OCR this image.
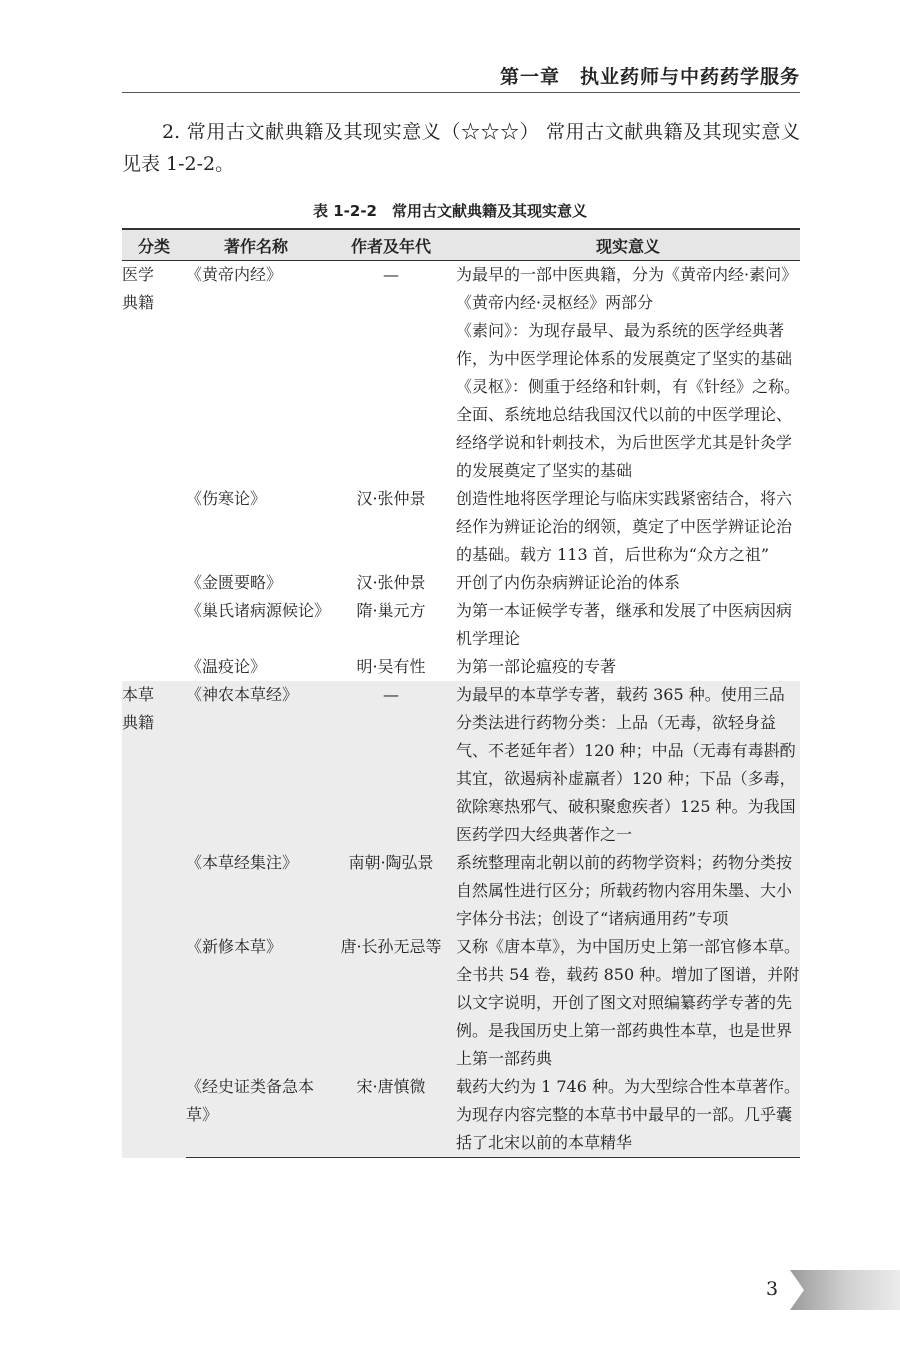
第一章　执业药师与中药药学服务
2. 常用古文献典籍及其现实意义（☆☆☆） 常用古文献典籍及其现实意义见表 1-2-2。
表 1-2-2　常用古文献典籍及其现实意义
分类	著作名称	作者及年代	现实意义
医学
典籍	《黄帝内经》	—	为最早的一部中医典籍，分为《黄帝内经·素问》《黄帝内经·灵枢经》两部分
《素问》：为现存最早、最为系统的医学经典著作，为中医学理论体系的发展奠定了坚实的基础
《灵枢》：侧重于经络和针刺，有《针经》之称。全面、系统地总结我国汉代以前的中医学理论、经络学说和针刺技术，为后世医学尤其是针灸学的发展奠定了坚实的基础

	《伤寒论》	汉·张仲景	创造性地将医学理论与临床实践紧密结合，将六经作为辨证论治的纲领，奠定了中医学辨证论治的基础。载方 113 首，后世称为“众方之祖”
	《金匮要略》	汉·张仲景	开创了内伤杂病辨证论治的体系
	《巢氏诸病源候论》	隋·巢元方	为第一本证候学专著，继承和发展了中医病因病机学理论
	《温疫论》	明·吴有性	为第一部论瘟疫的专著
本草
典籍	《神农本草经》	—	为最早的本草学专著，载药 365 种。使用三品分类法进行药物分类：上品（无毒，欲轻身益气、不老延年者）120 种；中品（无毒有毒斟酌其宜，欲遏病补虚羸者）120 种；下品（多毒，欲除寒热邪气、破积聚愈疾者）125 种。为我国医药学四大经典著作之一
	《本草经集注》	南朝·陶弘景	系统整理南北朝以前的药物学资料；药物分类按自然属性进行区分；所载药物内容用朱墨、大小字体分书法；创设了“诸病通用药”专项
	《新修本草》	唐·长孙无忌等	又称《唐本草》，为中国历史上第一部官修本草。全书共 54 卷，载药 850 种。增加了图谱，并附以文字说明，开创了图文对照编纂药学专著的先例。是我国历史上第一部药典性本草，也是世界上第一部药典
	《经史证类备急本草》	宋·唐慎微	载药大约为 1 746 种。为大型综合性本草著作。为现存内容完整的本草书中最早的一部。几乎囊括了北宋以前的本草精华
3
